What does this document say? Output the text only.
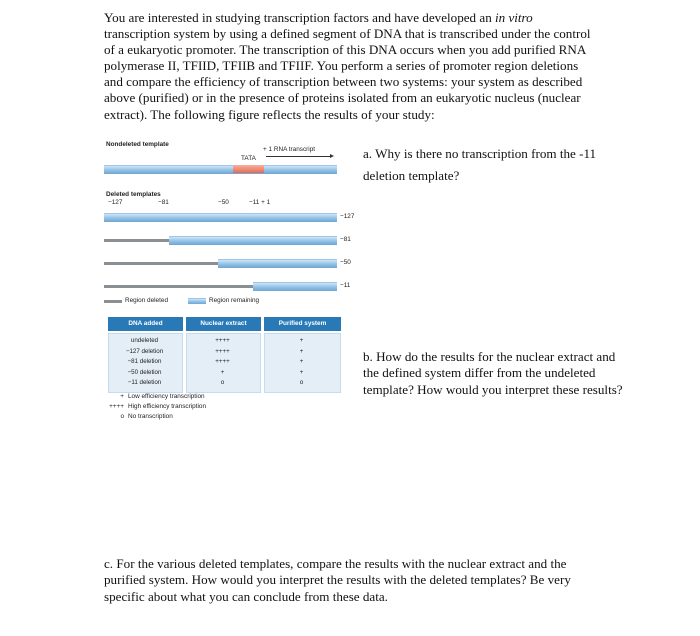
You are interested in studying transcription factors and have developed an in vitro transcription system by using a defined segment of DNA that is transcribed under the control of a eukaryotic promoter. The transcription of this DNA occurs when you add purified RNA polymerase II, TFIID, TFIIB and TFIIF. You perform a series of promoter region deletions and compare the efficiency of transcription between two systems: your system as described above (purified) or in the presence of proteins isolated from an eukaryotic nucleus (nuclear extract). The following figure reflects the results of your study:

Nondeleted template
+ 1 RNA transcript
TATA
Deleted templates
−127	−81	−50	−11 + 1
−127
−81
−50
−11
Region deleted	Region remaining
DNA added	Nuclear extract	Purified system
undeleted	++++	+
−127 deletion	++++	+
−81 deletion	++++	+
−50 deletion	+	+
−11 deletion	o	o
+ Low efficiency transcription
++++ High efficiency transcription
o No transcription

a. Why is there no transcription from the -11 deletion template?

b. How do the results for the nuclear extract and the defined system differ from the undeleted template? How would you interpret these results?

c. For the various deleted templates, compare the results with the nuclear extract and the purified system. How would you interpret the results with the deleted templates? Be very specific about what you can conclude from these data.
